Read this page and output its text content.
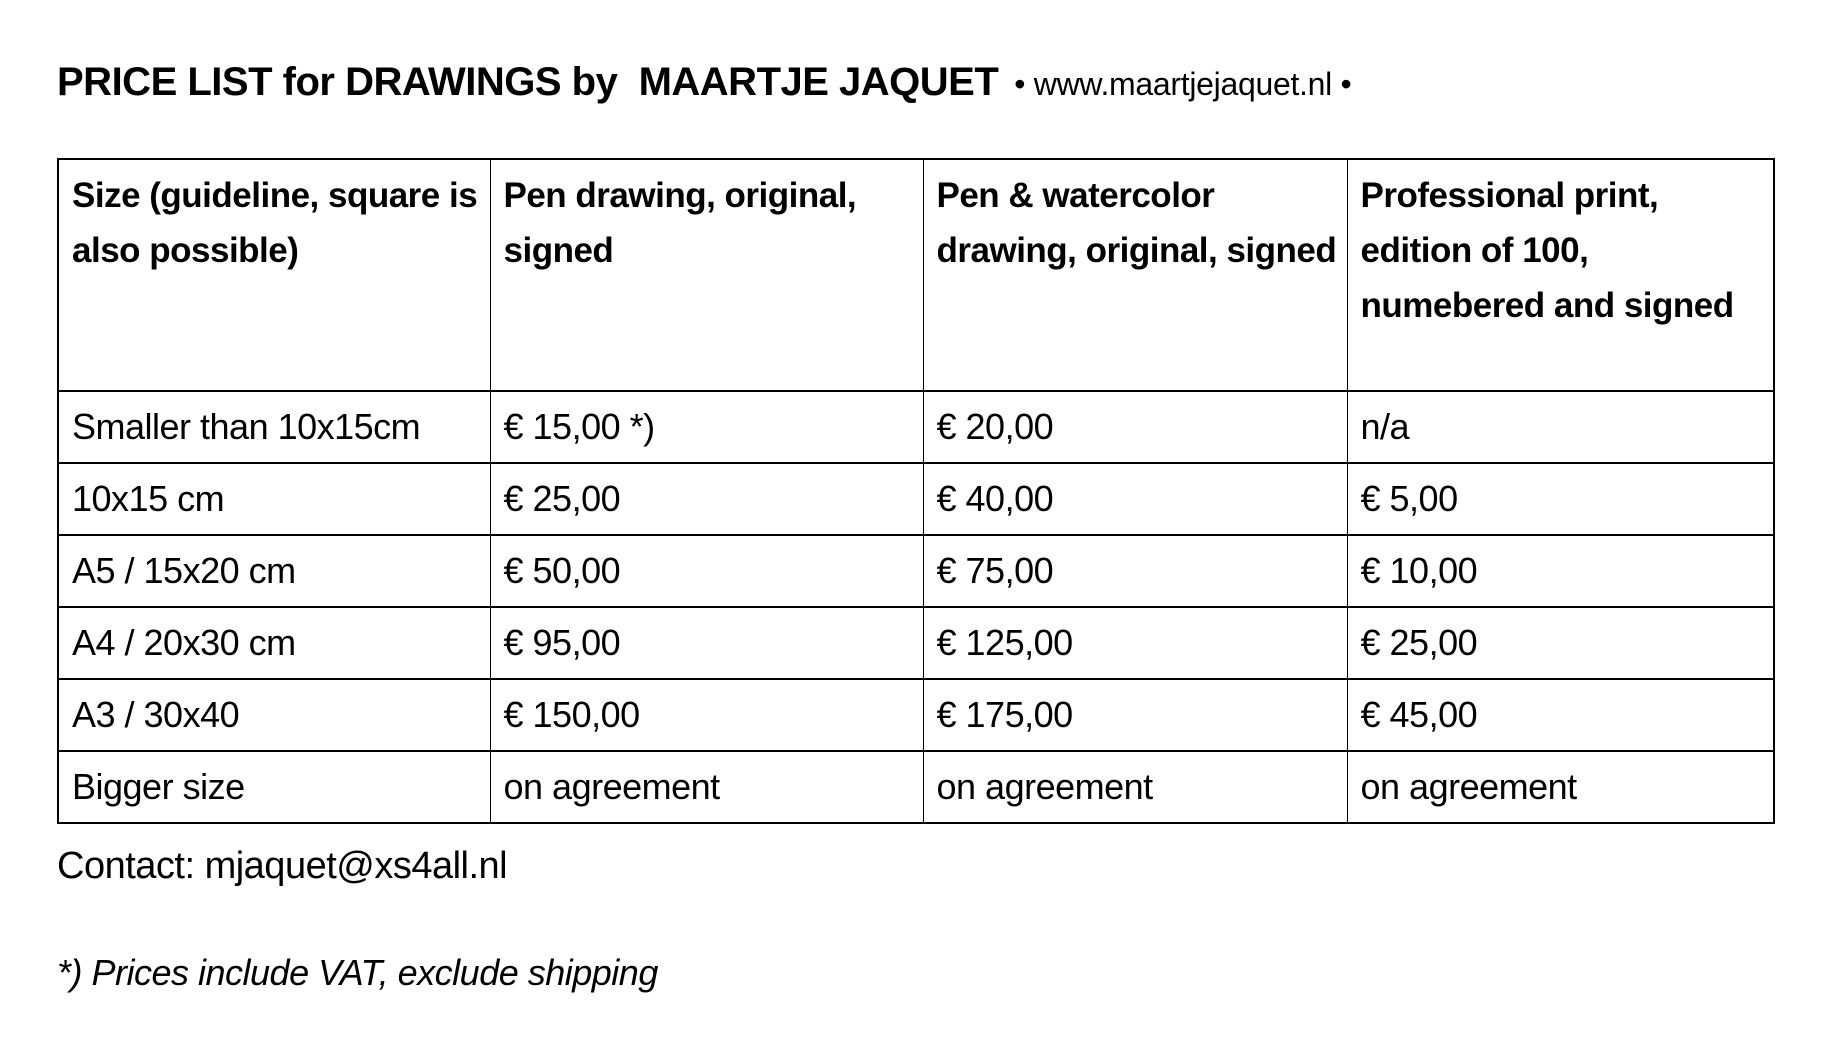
PRICE LIST for DRAWINGS by  MAARTJE JAQUET • www.maartjejaquet.nl •
Size (guideline, square is also possible)	Pen drawing, original, signed	Pen & watercolor drawing, original, signed	Professional print, edition of 100, numebered and signed
Smaller than 10x15cm	€ 15,00 *)	€ 20,00	n/a
10x15 cm	€ 25,00	€ 40,00	€ 5,00
A5 / 15x20 cm	€ 50,00	€ 75,00	€ 10,00
A4 / 20x30 cm	€ 95,00	€ 125,00	€ 25,00
A3 / 30x40	€ 150,00	€ 175,00	€ 45,00
Bigger size	on agreement	on agreement	on agreement
Contact: mjaquet@xs4all.nl
*) Prices include VAT, exclude shipping
